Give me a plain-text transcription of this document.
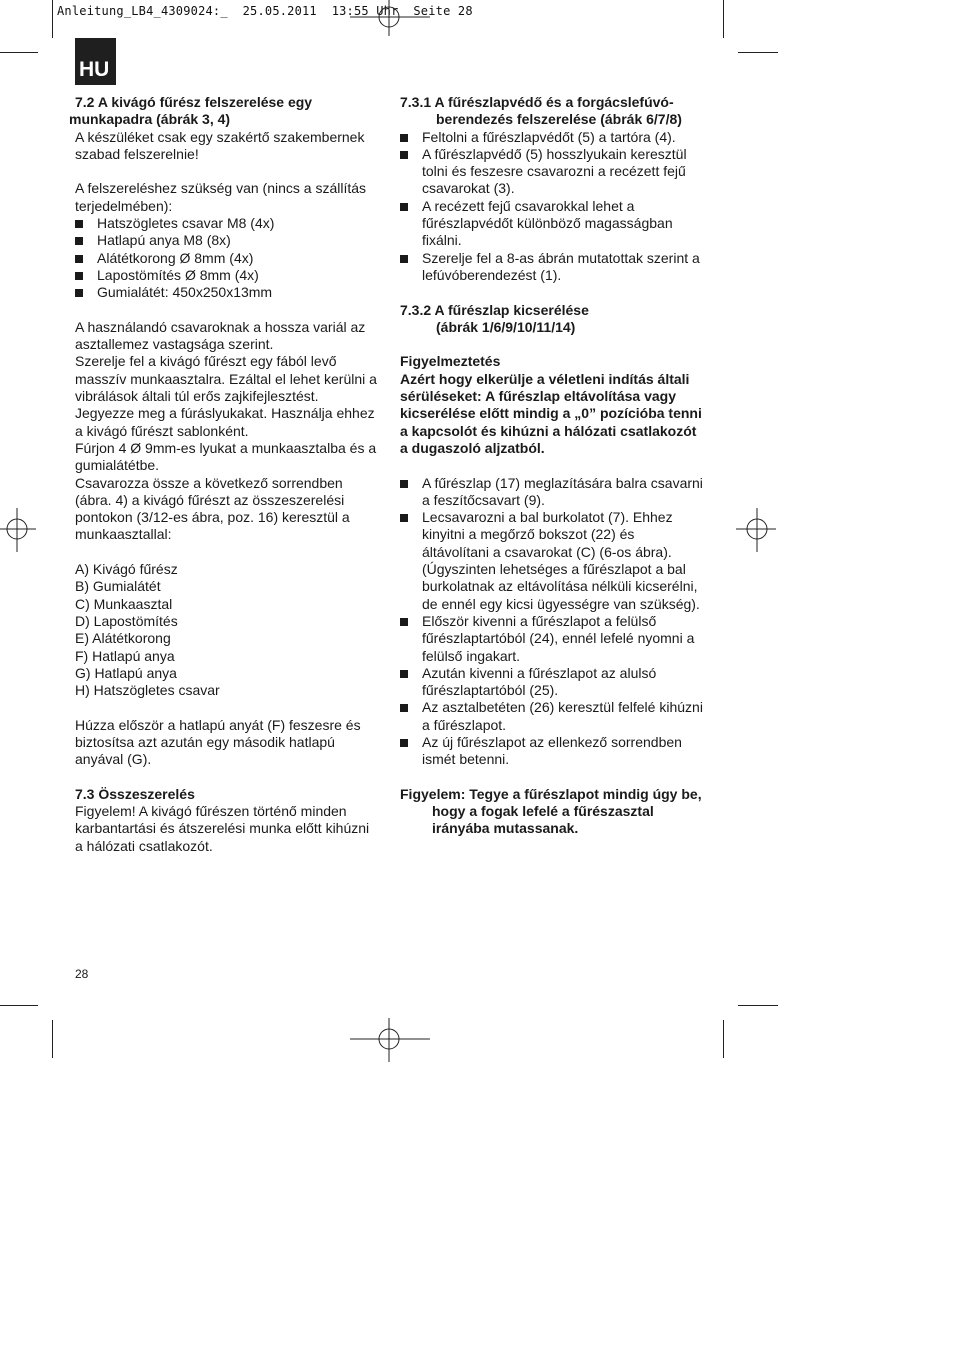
Anleitung_LB4_4309024:_  25.05.2011  13:55 Uhr  Seite 28
HU
7.2 A kivágó fűrész felszerelése egy
munkapadra (ábrák 3, 4)

A készüléket csak egy szakértő szakembernek szabad felszerelnie!

A felszereléshez szükség van (nincs a szállítás terjedelmében):

Hatszögletes csavar M8 (4x)
Hatlapú anya M8 (8x)
Alátétkorong Ø 8mm (4x)
Lapostömítés Ø 8mm (4x)
Gumialátét: 450x250x13mm

A használandó csavaroknak a hossza variál az asztallemez vastagsága szerint.

Szerelje fel a kivágó fűrészt egy fából levő masszív munkaasztalra. Ezáltal el lehet kerülni a vibrálások általi túl erős zajkifejlesztést.

Jegyezze meg a fúráslyukakat. Használja ehhez a kivágó fűrészt sablonként.

Fúrjon 4 Ø 9mm-es lyukat a munkaasztalba és a gumialátétbe.

Csavarozza össze a következő sorrendben (ábra. 4) a kivágó fűrészt az összeszerelési pontokon (3/12-es ábra, poz. 16) keresztül a munkaasztallal:

A) Kivágó fűrész
B) Gumialátét
C) Munkaasztal
D) Lapostömítés
E) Alátétkorong
F) Hatlapú anya
G) Hatlapú anya
H) Hatszögletes csavar

Húzza először a hatlapú anyát (F) feszesre és biztosítsa azt azután egy második hatlapú anyával (G).

7.3 Összeszerelés

Figyelem! A kivágó fűrészen történő minden karbantartási és átszerelési munka előtt kihúzni a hálózati csatlakozót.

7.3.1 A fűrészlapvédő és a forgácslefúvó-
berendezés felszerelése (ábrák 6/7/8)
Feltolni a fűrészlapvédőt (5) a tartóra (4).
A fűrészlapvédő (5) hosszlyukain keresztül tolni és feszesre csavarozni a recézett fejű csavarokat (3).
A recézett fejű csavarokkal lehet a fűrészlapvédőt különböző magasságban fixálni.
Szerelje fel a 8-as ábrán mutatottak szerint a lefúvóberendezést (1).
7.3.2 A fűrészlap kicserélése
(ábrák 1/6/9/10/11/14)
Figyelmeztetés

Azért hogy elkerülje a véletleni indítás általi sérüléseket: A fűrészlap eltávolítása vagy kicserélése előtt mindig a „0” pozícióba tenni a kapcsolót és kihúzni a hálózati csatlakozót a dugaszoló aljzatból.

A fűrészlap (17) meglazítására balra csavarni a feszítőcsavart (9).
Lecsavarozni a bal burkolatot (7). Ehhez kinyitni a megőrző bokszot (22) és áltávolítani a csavarokat (C) (6-os ábra). (Úgyszinten lehetséges a fűrészlapot a bal burkolatnak az eltávolítása nélküli kicserélni, de ennél egy kicsi ügyességre van szükség).
Először kivenni a fűrészlapot a felülső fűrészlaptartóból (24), ennél lefelé nyomni a felülső ingakart.
Azután kivenni a fűrészlapot az alulsó fűrészlaptartóból (25).
Az asztalbetéten (26) keresztül felfelé kihúzni a fűrészlapot.
Az új fűrészlapot az ellenkező sorrendben ismét betenni.

Figyelem: Tegye a fűrészlapot mindig úgy be, hogy a fogak lefelé a fűrészasztal irányába mutassanak.

28
